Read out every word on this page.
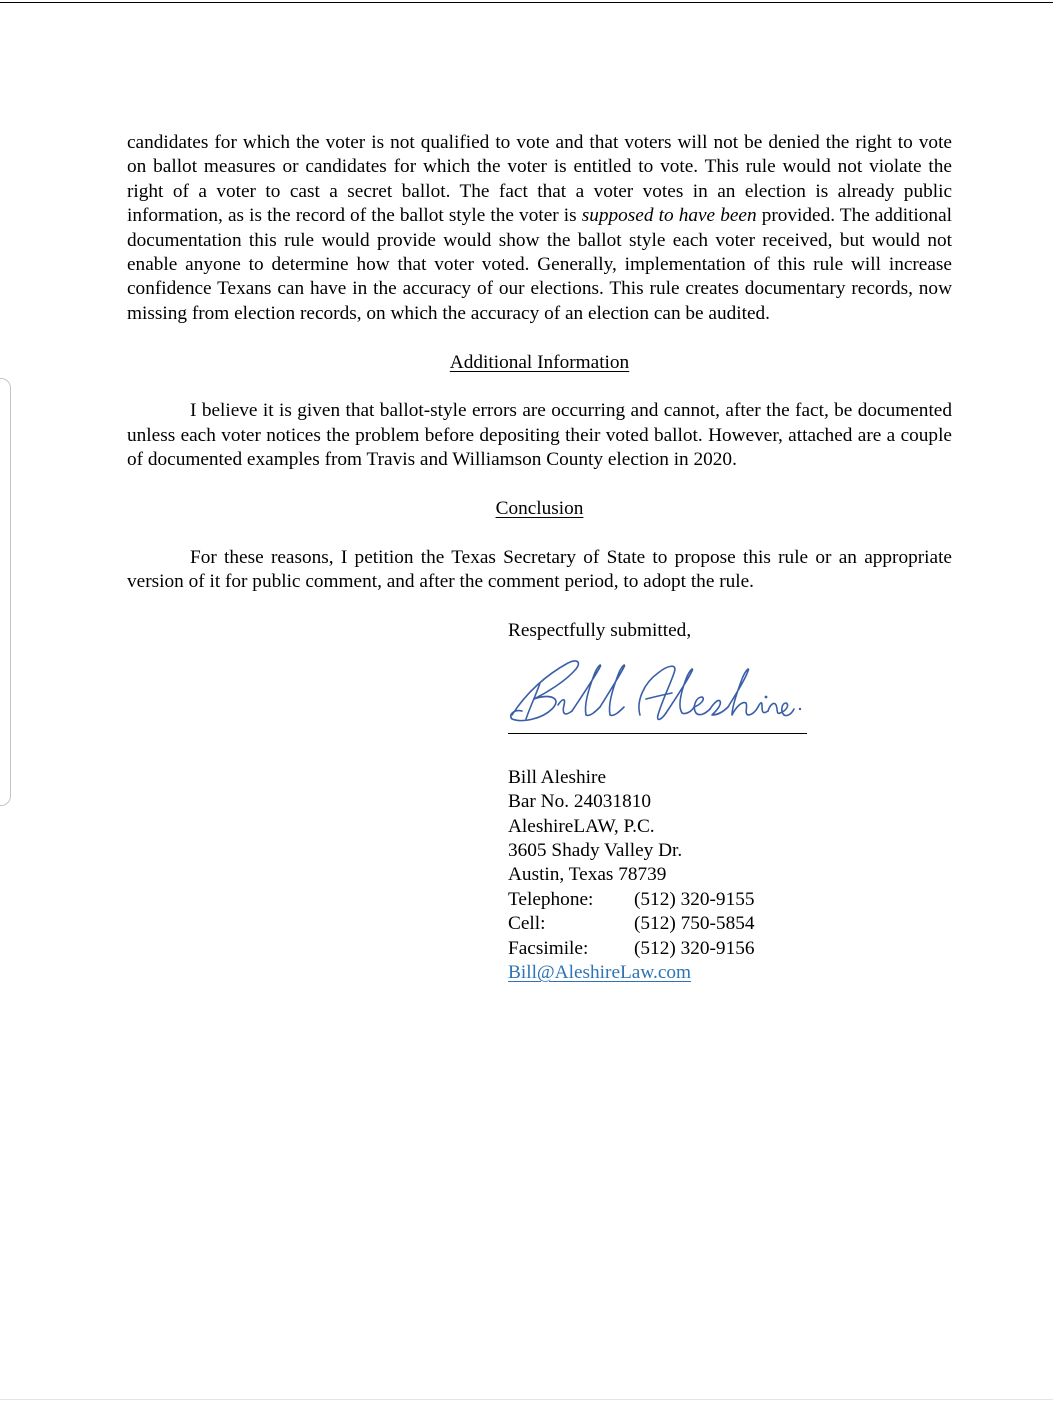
candidates for which the voter is not qualified to vote and that voters will not be denied the right to vote on ballot measures or candidates for which the voter is entitled to vote. This rule would not violate the right of a voter to cast a secret ballot. The fact that a voter votes in an election is already public information, as is the record of the ballot style the voter is supposed to have been provided. The additional documentation this rule would provide would show the ballot style each voter received, but would not enable anyone to determine how that voter voted. Generally, implementation of this rule will increase confidence Texans can have in the accuracy of our elections. This rule creates documentary records, now missing from election records, on which the accuracy of an election can be audited.

Additional Information

I believe it is given that ballot-style errors are occurring and cannot, after the fact, be documented unless each voter notices the problem before depositing their voted ballot. However, attached are a couple of documented examples from Travis and Williamson County election in 2020.

Conclusion

For these reasons, I petition the Texas Secretary of State to propose this rule or an appropriate version of it for public comment, and after the comment period, to adopt the rule.

Respectfully submitted,
Bill Aleshire
Bar No. 24031810
AleshireLAW, P.C.
3605 Shady Valley Dr.
Austin, Texas 78739
Telephone:	(512) 320-9155
Cell:	(512) 750-5854
Facsimile:	(512) 320-9156
Bill@AleshireLaw.com
